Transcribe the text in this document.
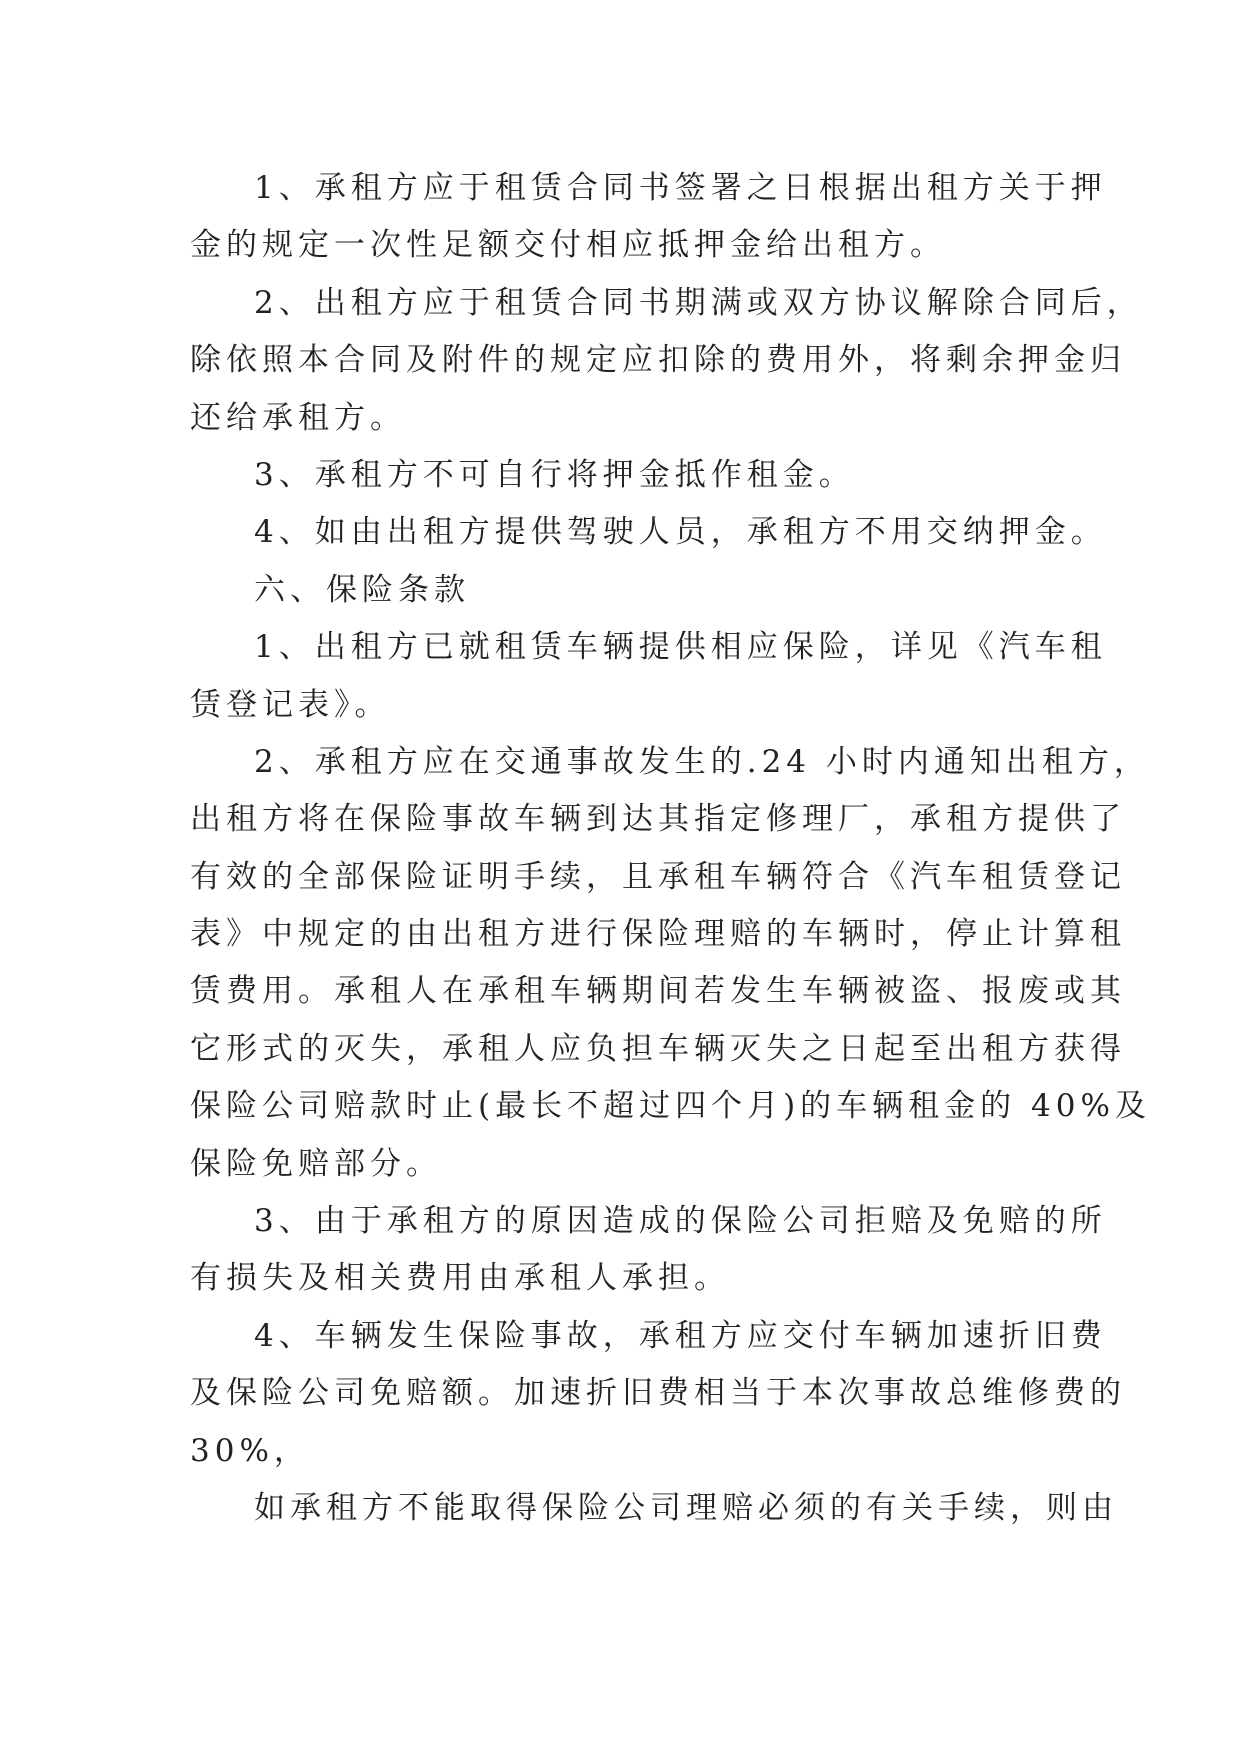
1、承租方应于租赁合同书签署之日根据出租方关于押
金的规定一次性足额交付相应抵押金给出租方。
2、出租方应于租赁合同书期满或双方协议解除合同后，
除依照本合同及附件的规定应扣除的费用外，将剩余押金归
还给承租方。
3、承租方不可自行将押金抵作租金。
4、如由出租方提供驾驶人员，承租方不用交纳押金。
六、保险条款
1、出租方已就租赁车辆提供相应保险，详见《汽车租
赁登记表》。
2、承租方应在交通事故发生的.24 小时内通知出租方，
出租方将在保险事故车辆到达其指定修理厂，承租方提供了
有效的全部保险证明手续，且承租车辆符合《汽车租赁登记
表》中规定的由出租方进行保险理赔的车辆时，停止计算租
赁费用。承租人在承租车辆期间若发生车辆被盗、报废或其
它形式的灭失，承租人应负担车辆灭失之日起至出租方获得
保险公司赔款时止(最长不超过四个月)的车辆租金的 40%及
保险免赔部分。
3、由于承租方的原因造成的保险公司拒赔及免赔的所
有损失及相关费用由承租人承担。
4、车辆发生保险事故，承租方应交付车辆加速折旧费
及保险公司免赔额。加速折旧费相当于本次事故总维修费的
30%，
如承租方不能取得保险公司理赔必须的有关手续，则由
